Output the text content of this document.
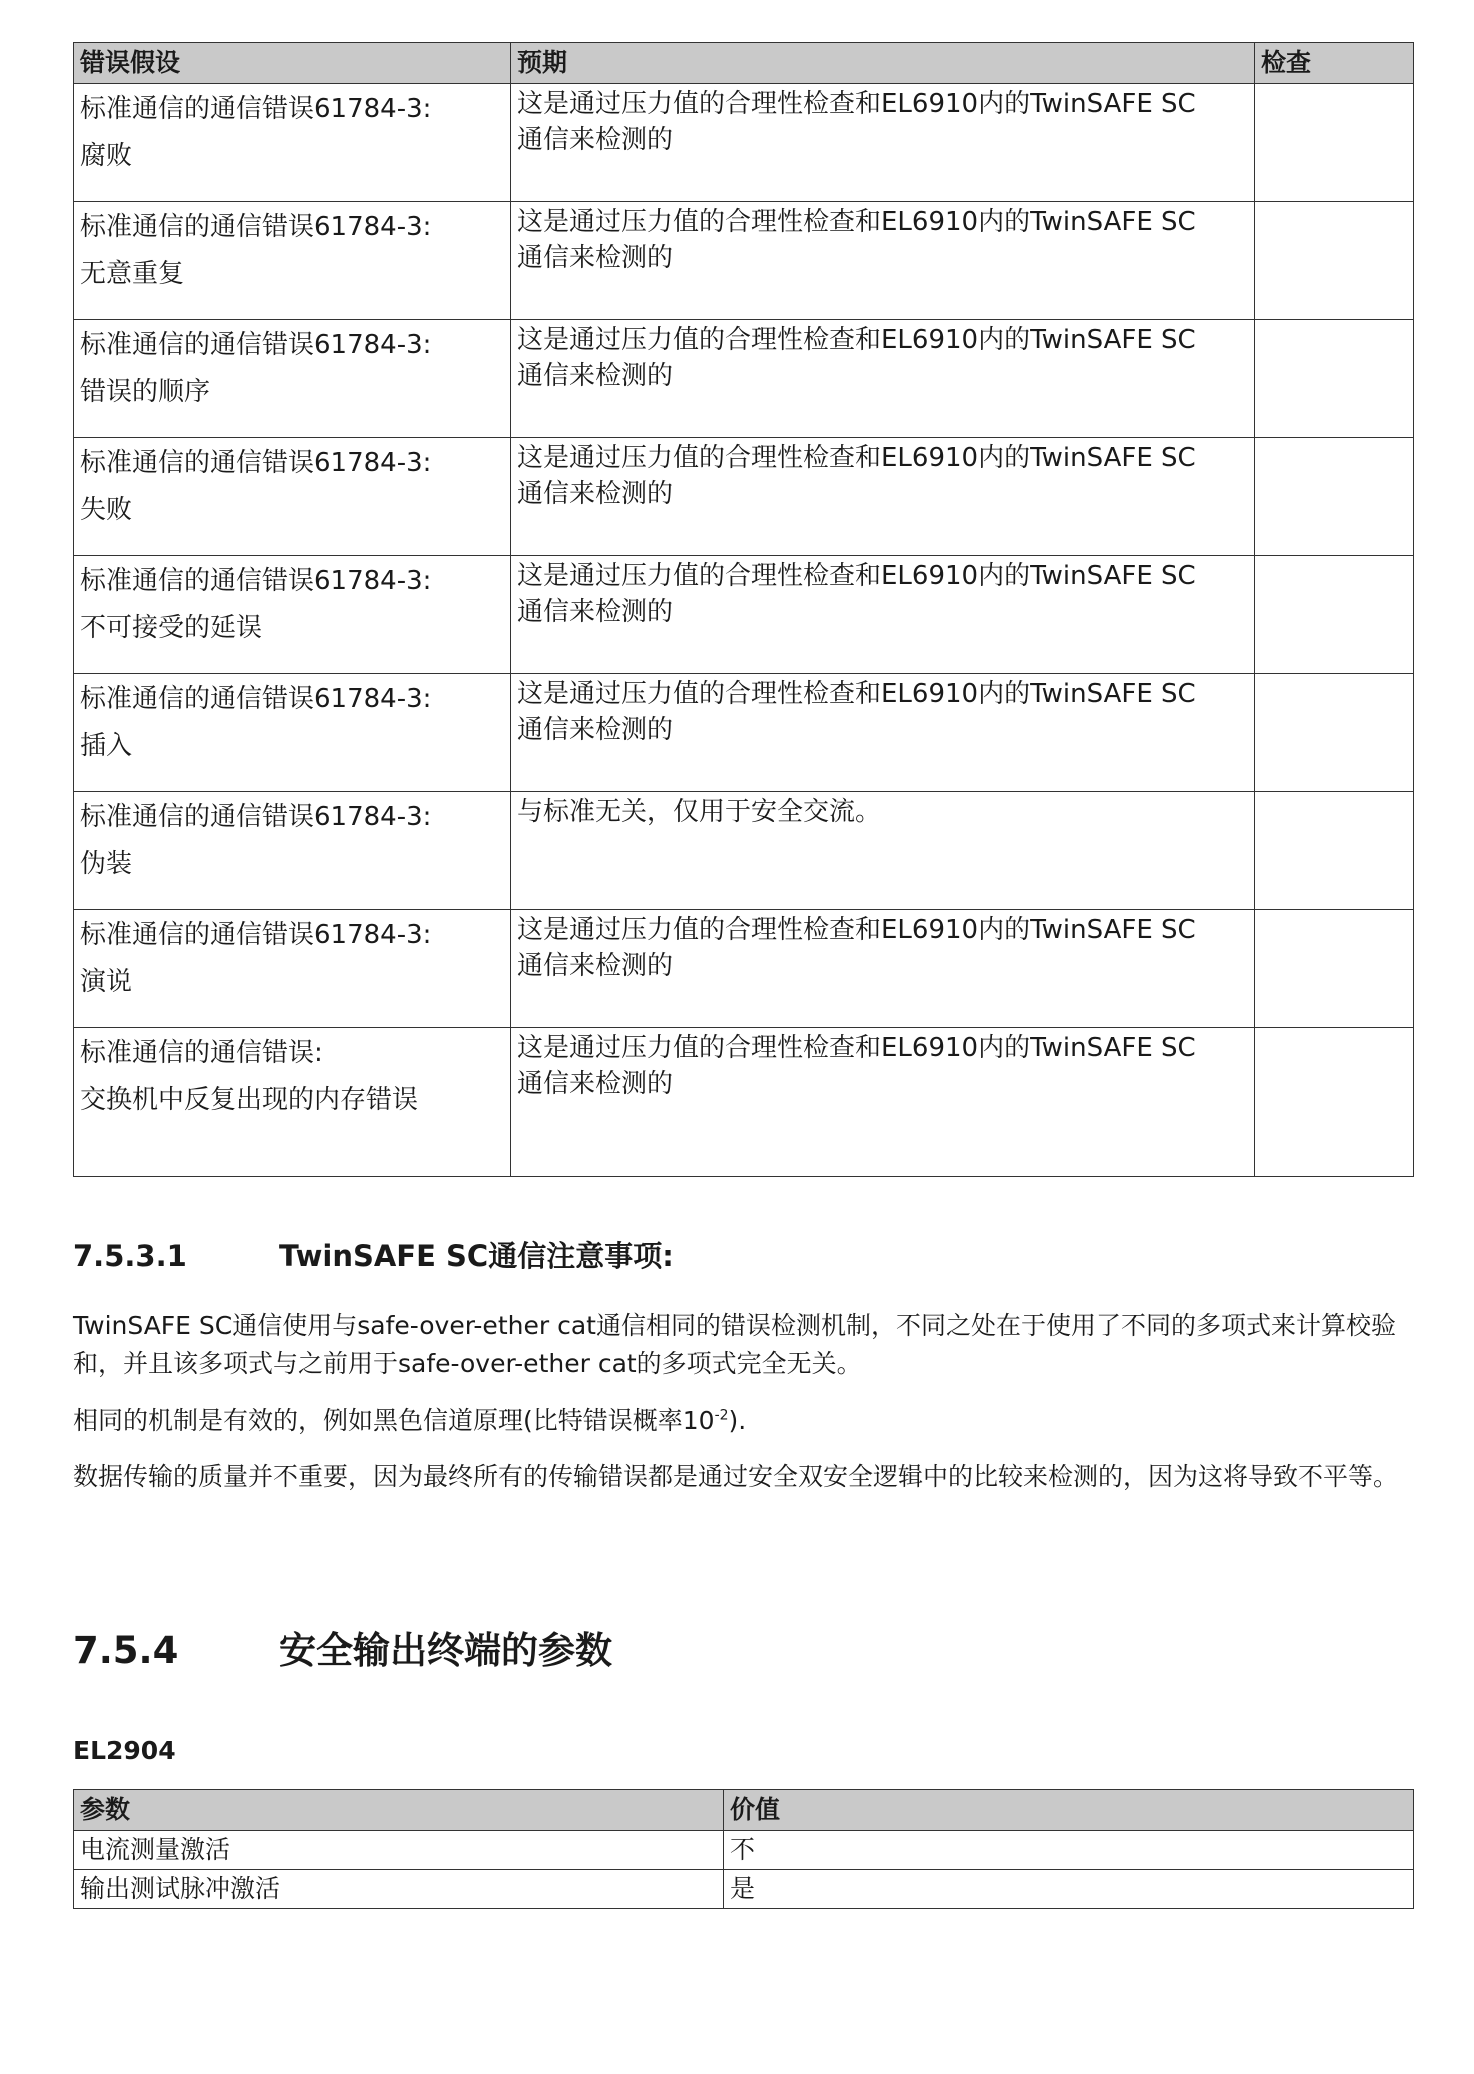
错误假设	预期	检查

标准通信的通信错误61784-3:
腐败	这是通过压力值的合理性检查和EL6910内的TwinSAFE SC
通信来检测的	

标准通信的通信错误61784-3:
无意重复	这是通过压力值的合理性检查和EL6910内的TwinSAFE SC
通信来检测的	

标准通信的通信错误61784-3:
错误的顺序	这是通过压力值的合理性检查和EL6910内的TwinSAFE SC
通信来检测的	

标准通信的通信错误61784-3:
失败	这是通过压力值的合理性检查和EL6910内的TwinSAFE SC
通信来检测的	

标准通信的通信错误61784-3:
不可接受的延误	这是通过压力值的合理性检查和EL6910内的TwinSAFE SC
通信来检测的	

标准通信的通信错误61784-3:
插入	这是通过压力值的合理性检查和EL6910内的TwinSAFE SC
通信来检测的	

标准通信的通信错误61784-3:
伪装	与标准无关，仅用于安全交流。	

标准通信的通信错误61784-3:
演说	这是通过压力值的合理性检查和EL6910内的TwinSAFE SC
通信来检测的	

标准通信的通信错误:
交换机中反复出现的内存错误	这是通过压力值的合理性检查和EL6910内的TwinSAFE SC
通信来检测的	

7.5.3.1	TwinSAFE SC通信注意事项:

TwinSAFE SC通信使用与safe-over-ether cat通信相同的错误检测机制，不同之处在于使用了不同的多项式来计算校验和，并且该多项式与之前用于safe-over-ether cat的多项式完全无关。

相同的机制是有效的，例如黑色信道原理(比特错误概率$10^{-2}$).

数据传输的质量并不重要，因为最终所有的传输错误都是通过安全双安全逻辑中的比较来检测的，因为这将导致不平等。

7.5.4	安全输出终端的参数
EL2904
参数	价值
电流测量激活	不
输出测试脉冲激活	是
